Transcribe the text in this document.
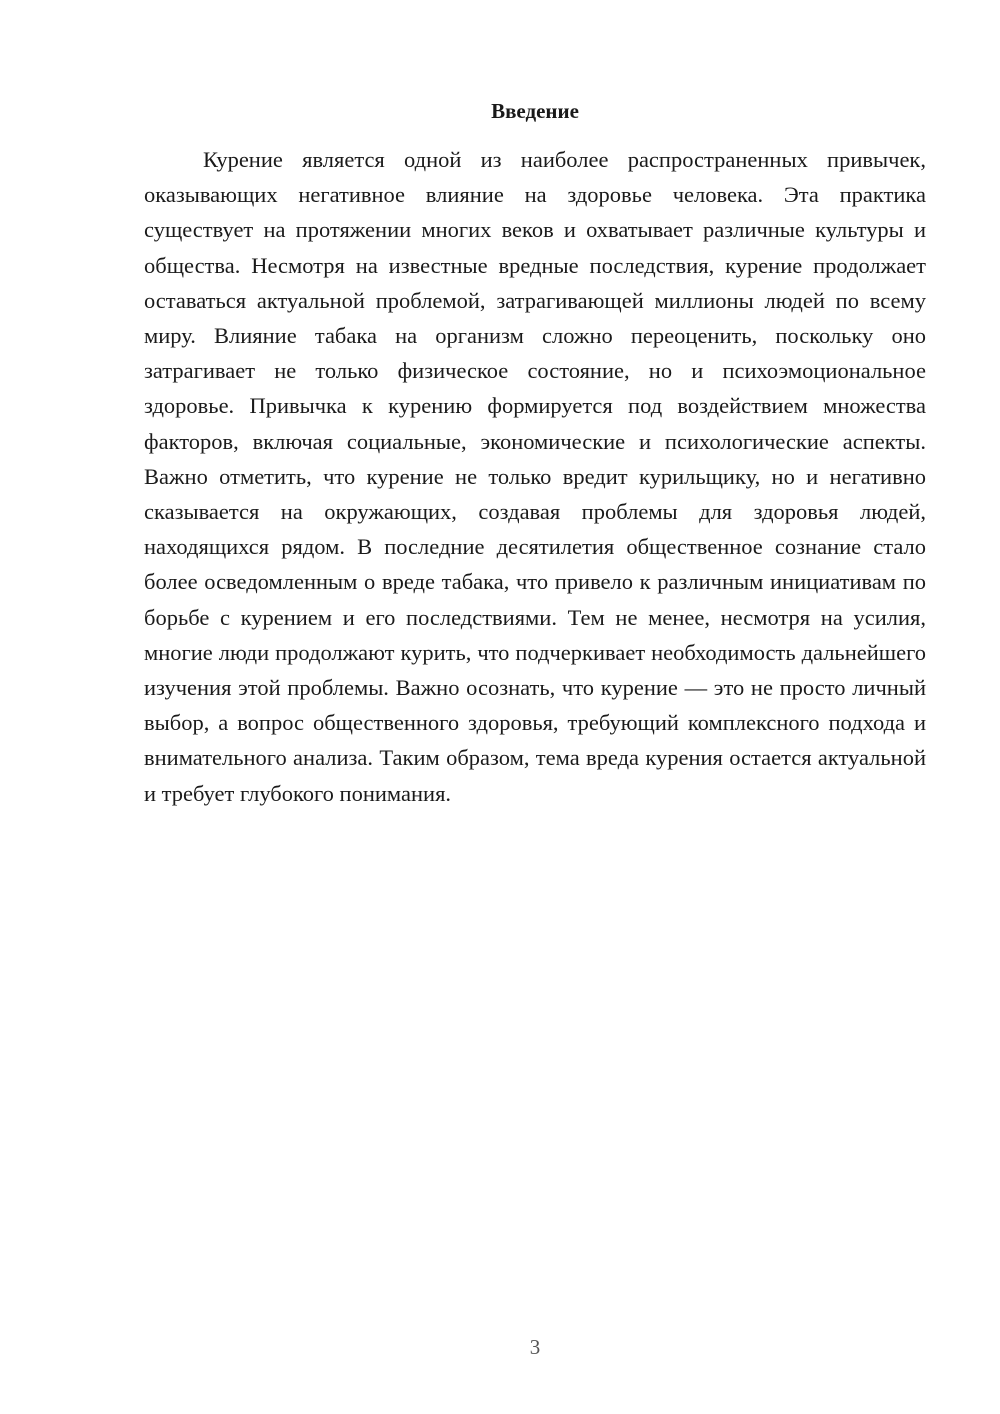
Введение

Курение является одной из наиболее распространенных привычек, оказывающих негативное влияние на здоровье человека. Эта практика существует на протяжении многих веков и охватывает различные культуры и общества. Несмотря на известные вредные последствия, курение продолжает оставаться актуальной проблемой, затрагивающей миллионы людей по всему миру. Влияние табака на организм сложно переоценить, поскольку оно затрагивает не только физическое состояние, но и психоэмоциональное здоровье. Привычка к курению формируется под воздействием множества факторов, включая социальные, экономические и психологические аспекты. Важно отметить, что курение не только вредит курильщику, но и негативно сказывается на окружающих, создавая проблемы для здоровья людей, находящихся рядом. В последние десятилетия общественное сознание стало более осведомленным о вреде табака, что привело к различным инициативам по борьбе с курением и его последствиями. Тем не менее, несмотря на усилия, многие люди продолжают курить, что подчеркивает необходимость дальнейшего изучения этой проблемы. Важно осознать, что курение — это не просто личный выбор, а вопрос общественного здоровья, требующий комплексного подхода и внимательного анализа. Таким образом, тема вреда курения остается актуальной и требует глубокого понимания.

3
